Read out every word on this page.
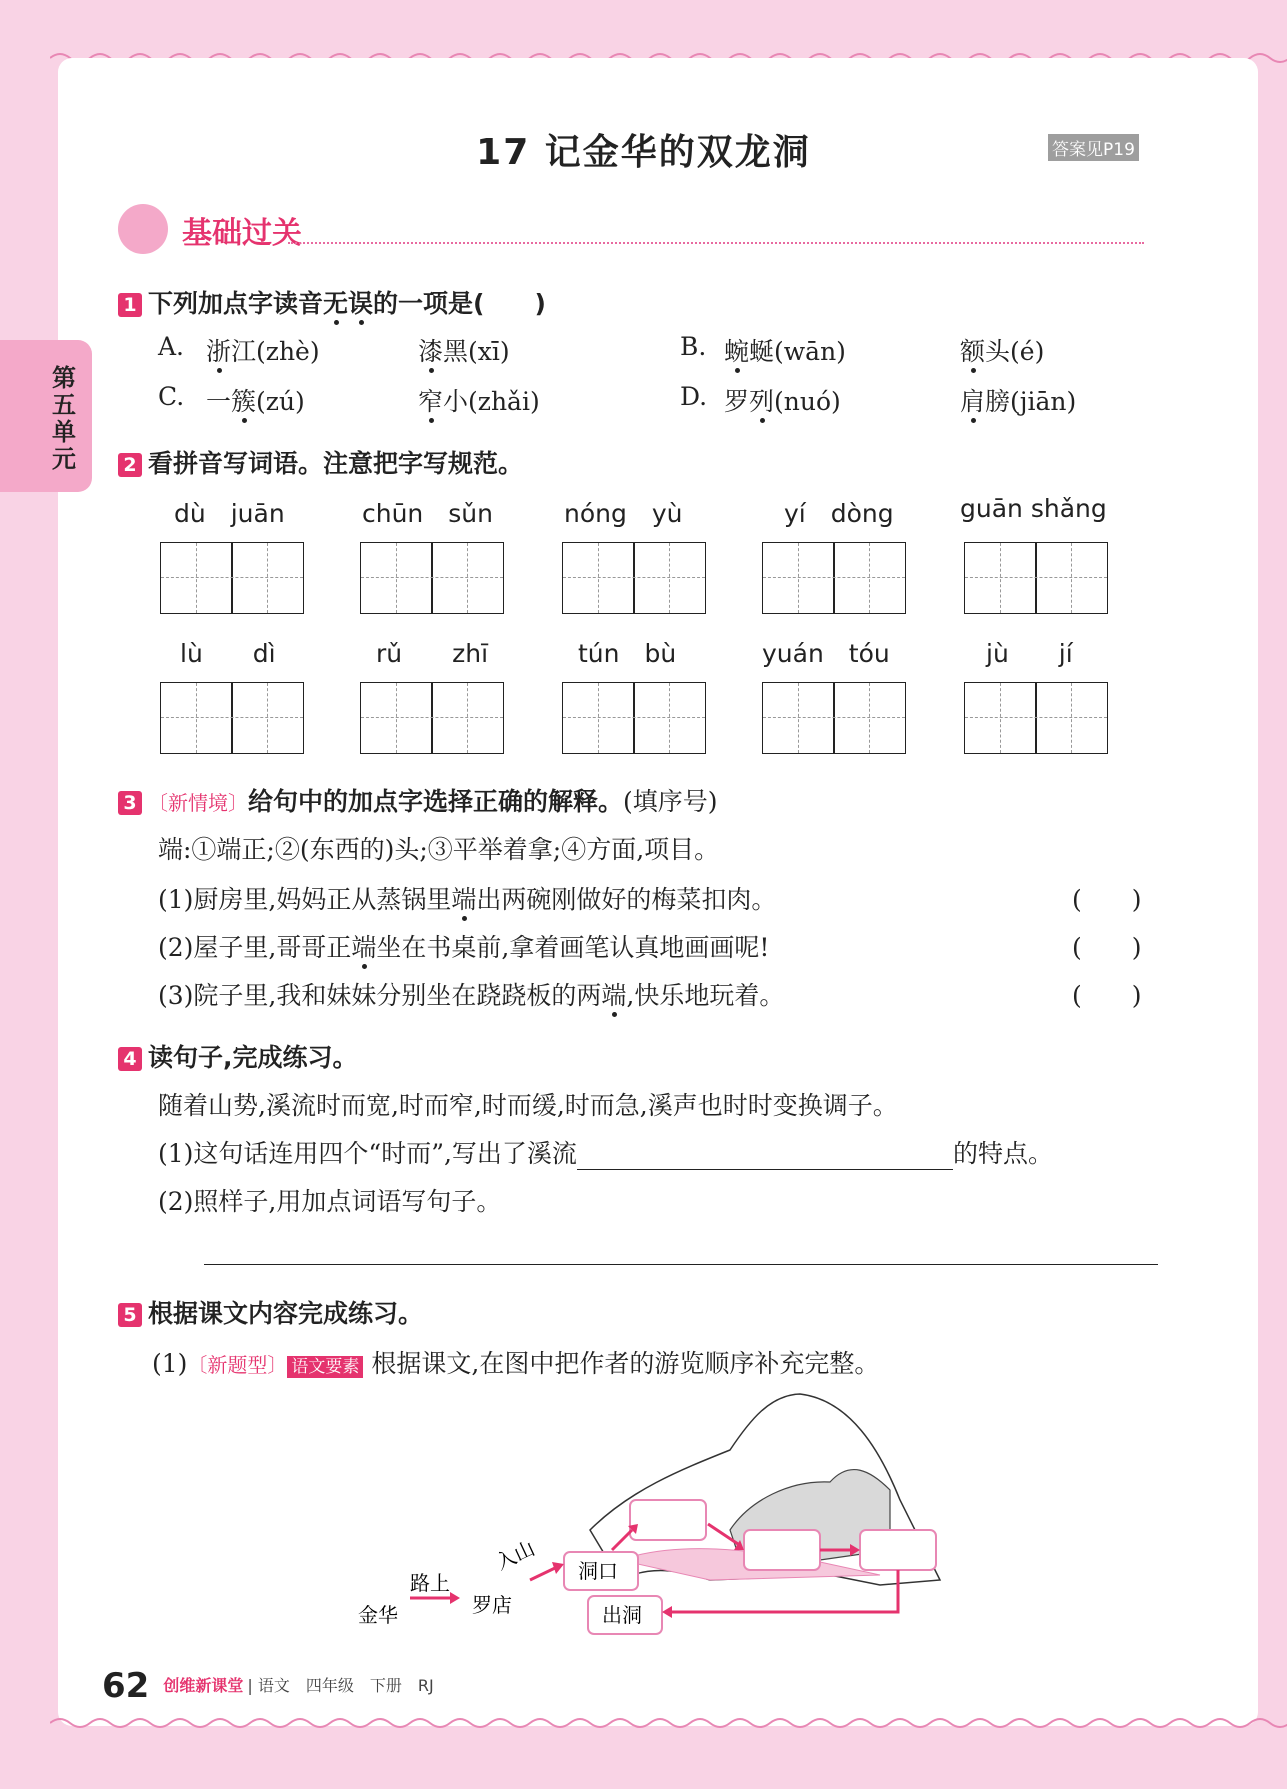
第五单元
17 记金华的双龙洞	答案见P19
基础过关
1 下列加点字读音无误的一项是(　　)
A. 浙江(zhè)	漆黑(xī)	B. 蜿蜒(wān)	额头(é)
C. 一簇(zú)	窄小(zhǎi)	D. 罗列(nuó)	肩膀(jiān)
2 看拼音写词语。注意把字写规范。
dù　juān	chūn　sǔn	nóng　yù	yí　dòng	guān shǎng
lù　　dì	rǔ　　zhī	tún　bù	yuán　tóu	jù　　jí
3 〔新情境〕给句中的加点字选择正确的解释。(填序号)
端:①端正;②(东西的)头;③平举着拿;④方面,项目。
(1)厨房里,妈妈正从蒸锅里端出两碗刚做好的梅菜扣肉。	(　　)
(2)屋子里,哥哥正端坐在书桌前,拿着画笔认真地画画呢!	(　　)
(3)院子里,我和妹妹分别坐在跷跷板的两端,快乐地玩着。	(　　)
4 读句子,完成练习。
随着山势,溪流时而宽,时而窄,时而缓,时而急,溪声也时时变换调子。
(1)这句话连用四个“时而”,写出了溪流	的特点。
(2)照样子,用加点词语写句子。
5 根据课文内容完成练习。
(1)〔新题型〕 语文要素 根据课文,在图中把作者的游览顺序补充完整。
金华
路上
罗店
入山 洞口
出洞
62 创维新课堂 | 语文　四年级　下册　RJ
